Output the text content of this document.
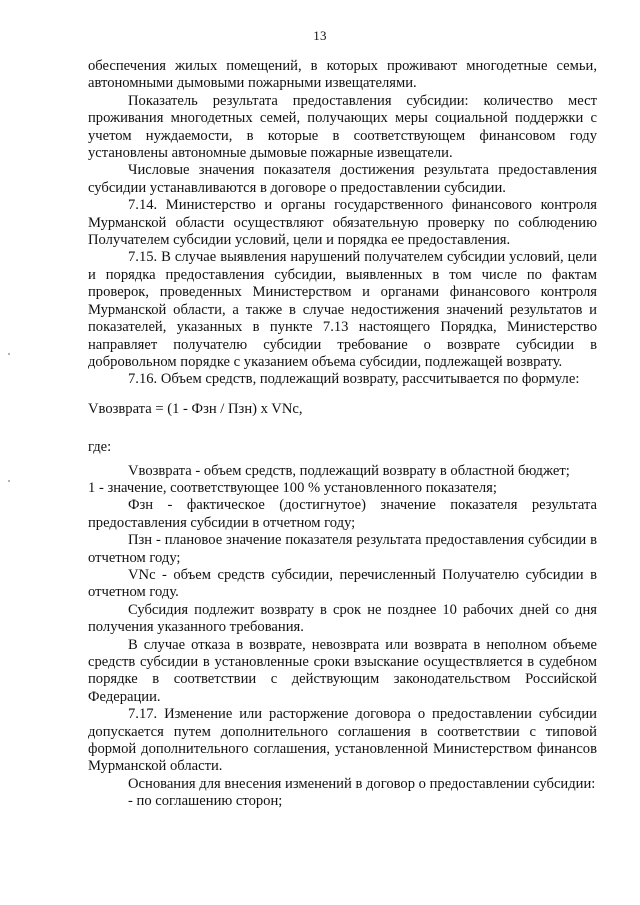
13

обеспечения жилых помещений, в которых проживают многодетные семьи, автономными дымовыми пожарными извещателями.

Показатель результата предоставления субсидии: количество мест проживания многодетных семей, получающих меры социальной поддержки с учетом нуждаемости, в которые в соответствующем финансовом году установлены автономные дымовые пожарные извещатели.

Числовые значения показателя достижения результата предоставления субсидии устанавливаются в договоре о предоставлении субсидии.

7.14. Министерство и органы государственного финансового контроля Мурманской области осуществляют обязательную проверку по соблюдению Получателем субсидии условий, цели и порядка ее предоставления.

7.15. В случае выявления нарушений получателем субсидии условий, цели и порядка предоставления субсидии, выявленных в том числе по фактам проверок, проведенных Министерством и органами финансового контроля Мурманской области, а также в случае недостижения значений результатов и показателей, указанных в пункте 7.13 настоящего Порядка, Министерство направляет получателю субсидии требование о возврате субсидии в добровольном порядке с указанием объема субсидии, подлежащей возврату.

7.16. Объем средств, подлежащий возврату, рассчитывается по формуле:

Vвозврата = (1 - Фзн / Пзн) x VNc,

где:

Vвозврата - объем средств, подлежащий возврату в областной бюджет;

1 - значение, соответствующее 100 % установленного показателя;

Фзн - фактическое (достигнутое) значение показателя результата предоставления субсидии в отчетном году;

Пзн - плановое значение показателя результата предоставления субсидии в отчетном году;

VNc - объем средств субсидии, перечисленный Получателю субсидии в отчетном году.

Субсидия подлежит возврату в срок не позднее 10 рабочих дней со дня получения указанного требования.

В случае отказа в возврате, невозврата или возврата в неполном объеме средств субсидии в установленные сроки взыскание осуществляется в судебном порядке в соответствии с действующим законодательством Российской Федерации.

7.17. Изменение или расторжение договора о предоставлении субсидии допускается путем дополнительного соглашения в соответствии с типовой формой дополнительного соглашения, установленной Министерством финансов Мурманской области.

Основания для внесения изменений в договор о предоставлении субсидии:

- по соглашению сторон;
